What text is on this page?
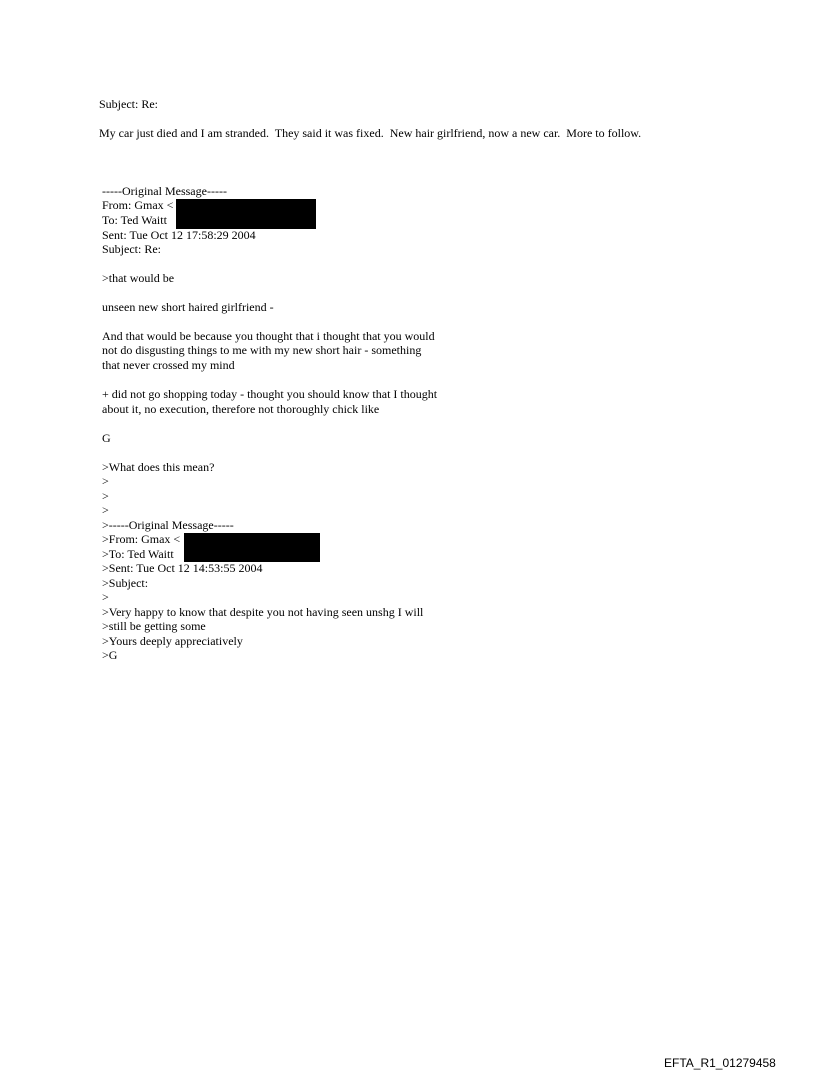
Subject: Re:
My car just died and I am stranded.  They said it was fixed.  New hair girlfriend, now a new car.  More to follow.
-----Original Message-----
From: Gmax <
To: Ted Waitt
Sent: Tue Oct 12 17:58:29 2004
Subject: Re:
>that would be
unseen new short haired girlfriend -
And that would be because you thought that i thought that you would
not do disgusting things to me with my new short hair - something
that never crossed my mind
+ did not go shopping today - thought you should know that I thought
about it, no execution, therefore not thoroughly chick like
G
>What does this mean?
>
>
>
>-----Original Message-----
>From: Gmax <
>To: Ted Waitt
>Sent: Tue Oct 12 14:53:55 2004
>Subject:
>
>Very happy to know that despite you not having seen unshg I will
>still be getting some
>Yours deeply appreciatively
>G
EFTA_R1_01279458
